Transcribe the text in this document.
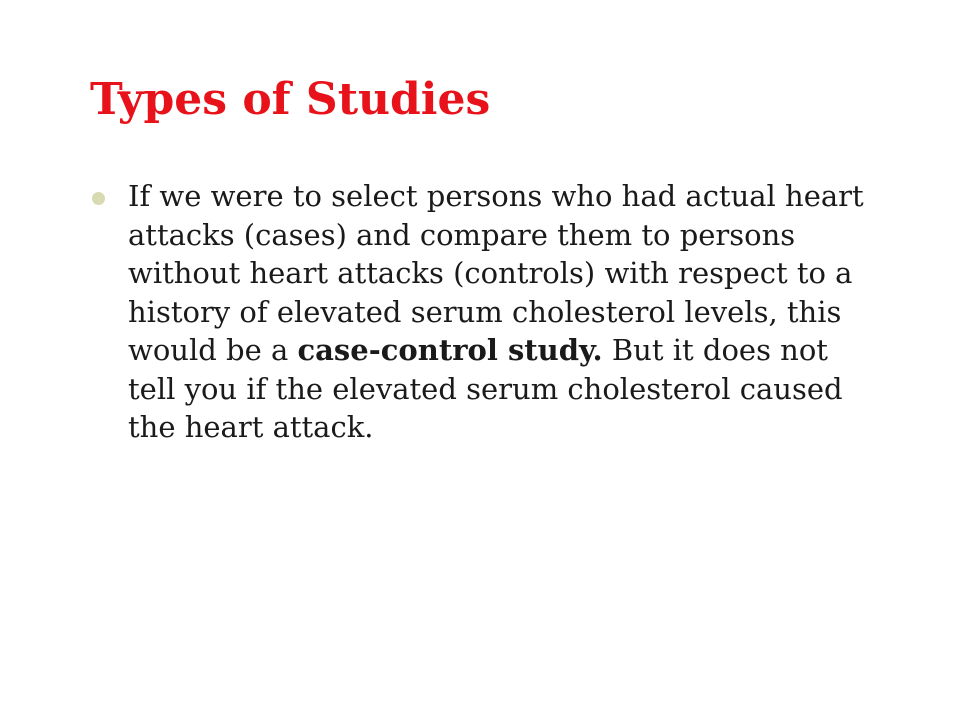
Types of Studies
If we were to select persons who had actual heart attacks (cases) and compare them to persons without heart attacks (controls) with respect to a history of elevated serum cholesterol levels, this would be a case-control study. But it does not tell you if the elevated serum cholesterol caused the heart attack.
